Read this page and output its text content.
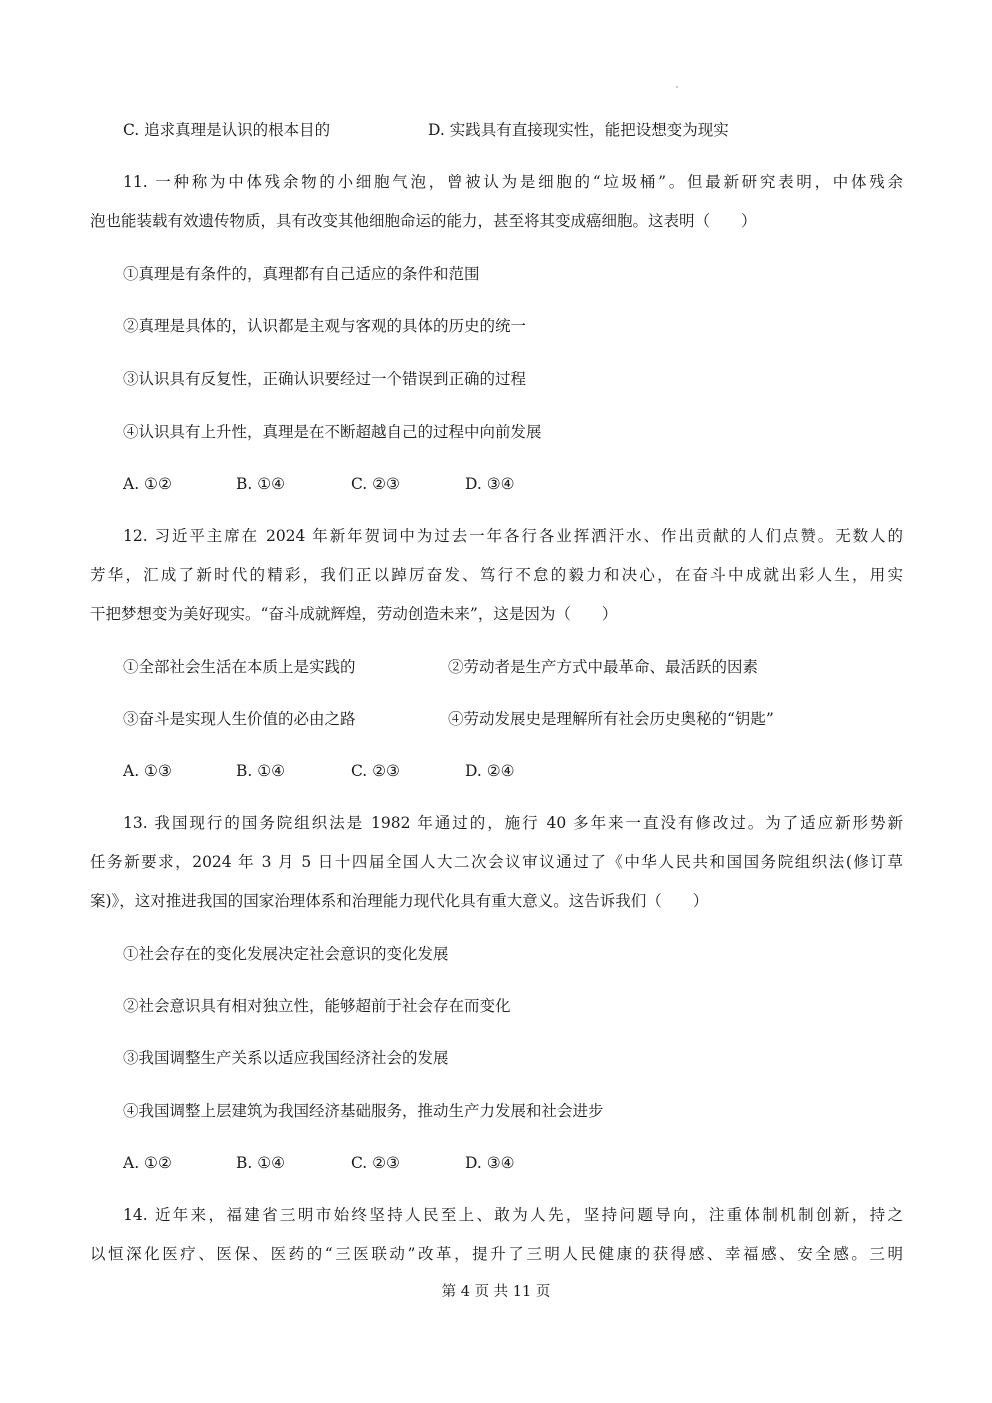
C. 追求真理是认识的根本目的	D. 实践具有直接现实性，能把设想变为现实
11. 一种称为中体残余物的小细胞气泡，曾被认为是细胞的“垃圾桶”。但最新研究表明，中体残余
泡也能装载有效遗传物质，具有改变其他细胞命运的能力，甚至将其变成癌细胞。这表明（　　）
①真理是有条件的，真理都有自己适应的条件和范围
②真理是具体的，认识都是主观与客观的具体的历史的统一
③认识具有反复性，正确认识要经过一个错误到正确的过程
④认识具有上升性，真理是在不断超越自己的过程中向前发展
A. ①②	B. ①④	C. ②③	D. ③④
12. 习近平主席在 2024 年新年贺词中为过去一年各行各业挥洒汗水、作出贡献的人们点赞。无数人的
芳华，汇成了新时代的精彩，我们正以踔厉奋发、笃行不怠的毅力和决心，在奋斗中成就出彩人生，用实
干把梦想变为美好现实。“奋斗成就辉煌，劳动创造未来”，这是因为（　　）
①全部社会生活在本质上是实践的	②劳动者是生产方式中最革命、最活跃的因素
③奋斗是实现人生价值的必由之路	④劳动发展史是理解所有社会历史奥秘的“钥匙”
A. ①③	B. ①④	C. ②③	D. ②④
13. 我国现行的国务院组织法是 1982 年通过的，施行 40 多年来一直没有修改过。为了适应新形势新
任务新要求，2024 年 3 月 5 日十四届全国人大二次会议审议通过了《中华人民共和国国务院组织法(修订草
案)》，这对推进我国的国家治理体系和治理能力现代化具有重大意义。这告诉我们（　　）
①社会存在的变化发展决定社会意识的变化发展
②社会意识具有相对独立性，能够超前于社会存在而变化
③我国调整生产关系以适应我国经济社会的发展
④我国调整上层建筑为我国经济基础服务，推动生产力发展和社会进步
A. ①②	B. ①④	C. ②③	D. ③④
14. 近年来，福建省三明市始终坚持人民至上、敢为人先，坚持问题导向，注重体制机制创新，持之
以恒深化医疗、医保、医药的“三医联动”改革，提升了三明人民健康的获得感、幸福感、安全感。三明
第 4 页 共 11 页
